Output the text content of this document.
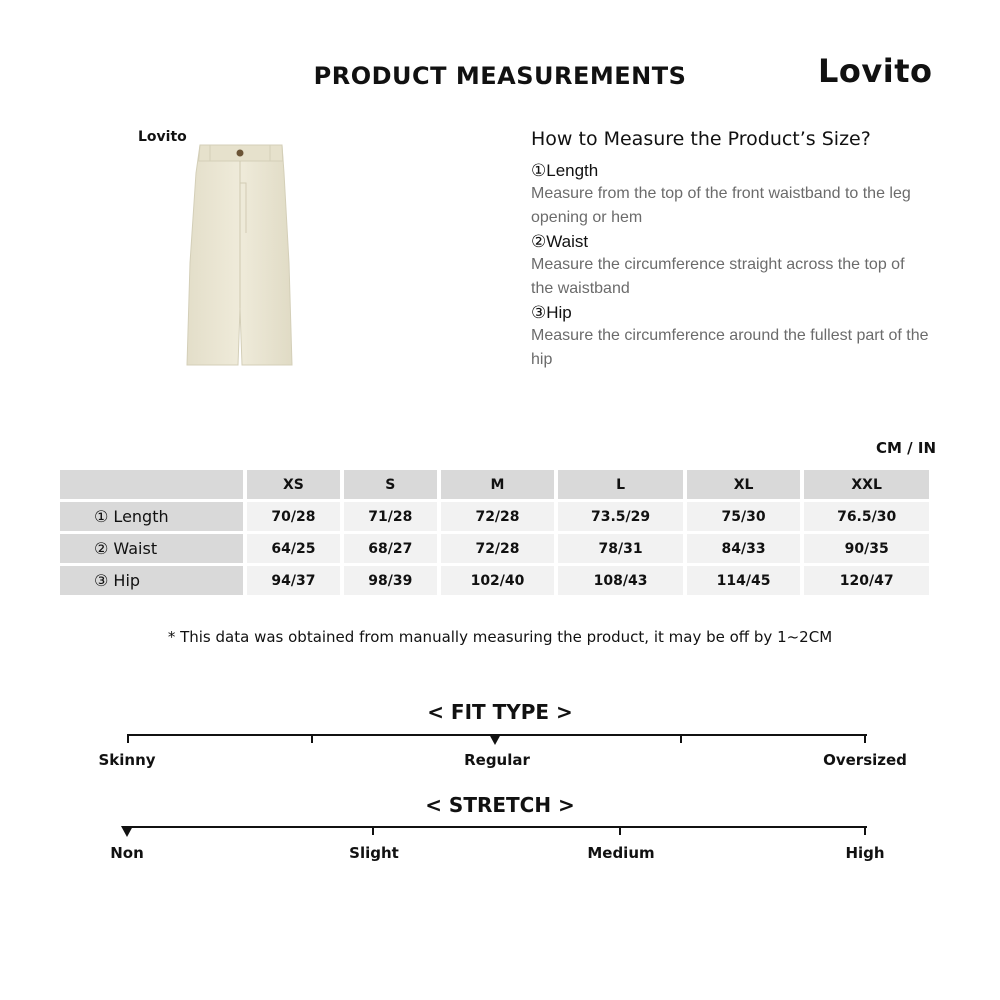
PRODUCT MEASUREMENTS	Lovito
Lovito	How to Measure the Product’s Size?
①Length
Measure from the top of the front waistband to the leg opening or hem
②Waist
Measure the circumference straight across the top of the waistband
③Hip
Measure the circumference around the fullest part of the hip
CM / IN
	XS	S	M	L	XL	XXL
① Length	70/28	71/28	72/28	73.5/29	75/30	76.5/30
② Waist	64/25	68/27	72/28	78/31	84/33	90/35
③ Hip	94/37	98/39	102/40	108/43	114/45	120/47
* This data was obtained from manually measuring the product, it may be off by 1~2CM
< FIT TYPE >
Skinny	Regular	Oversized
< STRETCH >
Non	Slight	Medium	High
